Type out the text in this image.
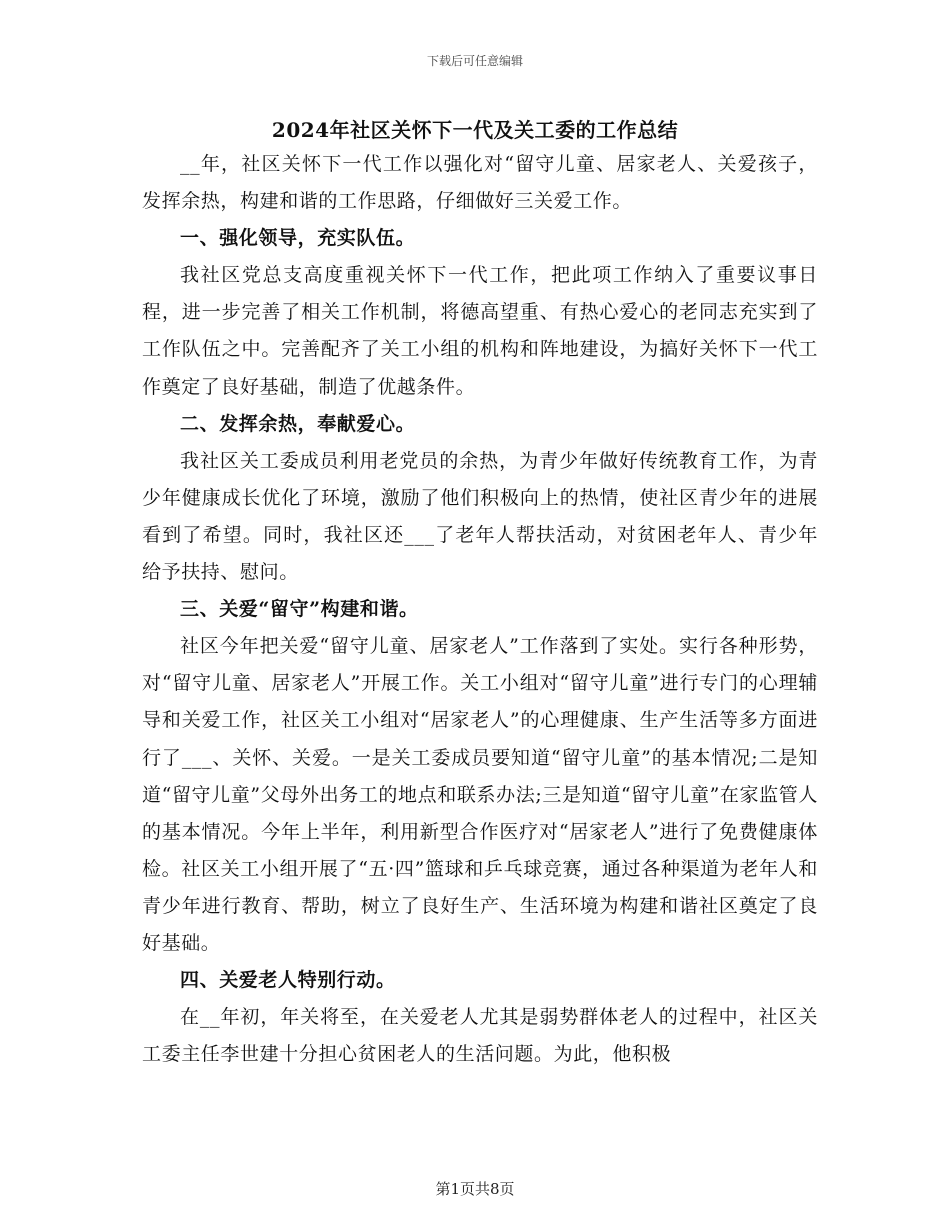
下载后可任意编辑
2024年社区关怀下一代及关工委的工作总结

__年，社区关怀下一代工作以强化对“留守儿童、居家老人、关爱孩子，发挥余热，构建和谐的工作思路，仔细做好三关爱工作。

一、强化领导，充实队伍。

我社区党总支高度重视关怀下一代工作，把此项工作纳入了重要议事日程，进一步完善了相关工作机制，将德高望重、有热心爱心的老同志充实到了工作队伍之中。完善配齐了关工小组的机构和阵地建设，为搞好关怀下一代工作奠定了良好基础，制造了优越条件。

二、发挥余热，奉献爱心。

我社区关工委成员利用老党员的余热，为青少年做好传统教育工作，为青少年健康成长优化了环境，激励了他们积极向上的热情，使社区青少年的进展看到了希望。同时，我社区还___了老年人帮扶活动，对贫困老年人、青少年给予扶持、慰问。

三、关爱“留守”构建和谐。

社区今年把关爱“留守儿童、居家老人”工作落到了实处。实行各种形势，对“留守儿童、居家老人”开展工作。关工小组对“留守儿童”进行专门的心理辅导和关爱工作，社区关工小组对“居家老人”的心理健康、生产生活等多方面进行了___、关怀、关爱。一是关工委成员要知道“留守儿童”的基本情况;二是知道“留守儿童”父母外出务工的地点和联系办法;三是知道“留守儿童”在家监管人的基本情况。今年上半年，利用新型合作医疗对“居家老人”进行了免费健康体检。社区关工小组开展了“五·四”篮球和乒乓球竞赛，通过各种渠道为老年人和青少年进行教育、帮助，树立了良好生产、生活环境为构建和谐社区奠定了良好基础。

四、关爱老人特别行动。

在__年初，年关将至，在关爱老人尤其是弱势群体老人的过程中，社区关工委主任李世建十分担心贫困老人的生活问题。为此，他积极

第1页共8页
